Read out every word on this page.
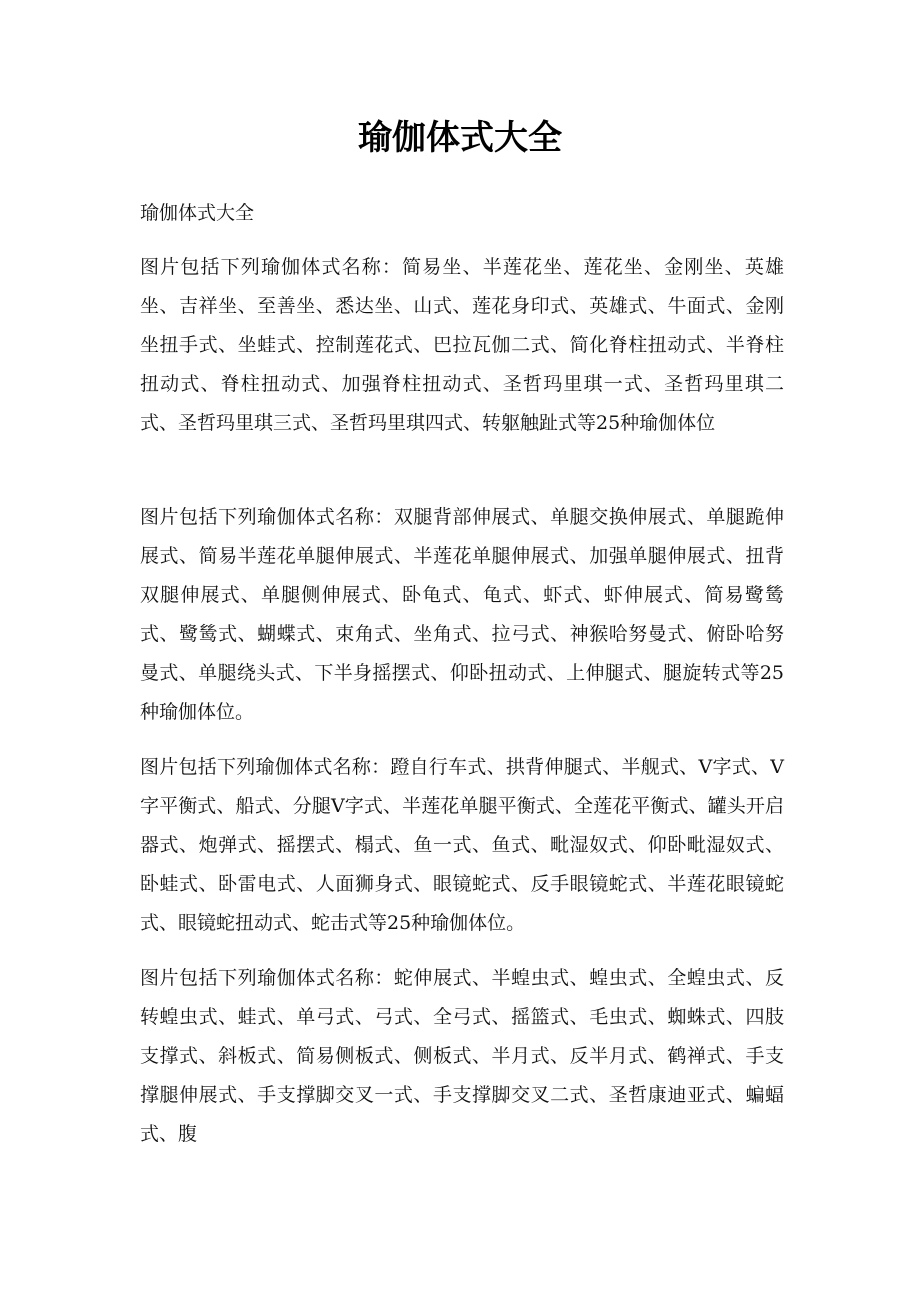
瑜伽体式大全

瑜伽体式大全

图片包括下列瑜伽体式名称：简易坐、半莲花坐、莲花坐、金刚坐、英雄坐、吉祥坐、至善坐、悉达坐、山式、莲花身印式、英雄式、牛面式、金刚坐扭手式、坐蛙式、控制莲花式、巴拉瓦伽二式、简化脊柱扭动式、半脊柱扭动式、脊柱扭动式、加强脊柱扭动式、圣哲玛里琪一式、圣哲玛里琪二式、圣哲玛里琪三式、圣哲玛里琪四式、转躯触趾式等25种瑜伽体位

图片包括下列瑜伽体式名称：双腿背部伸展式、单腿交换伸展式、单腿跪伸展式、简易半莲花单腿伸展式、半莲花单腿伸展式、加强单腿伸展式、扭背双腿伸展式、单腿侧伸展式、卧龟式、龟式、虾式、虾伸展式、简易鹭鸶式、鹭鸶式、蝴蝶式、束角式、坐角式、拉弓式、神猴哈努曼式、俯卧哈努曼式、单腿绕头式、下半身摇摆式、仰卧扭动式、上伸腿式、腿旋转式等25种瑜伽体位。

图片包括下列瑜伽体式名称：蹬自行车式、拱背伸腿式、半舰式、V字式、V字平衡式、船式、分腿V字式、半莲花单腿平衡式、全莲花平衡式、罐头开启器式、炮弹式、摇摆式、榻式、鱼一式、鱼式、毗湿奴式、仰卧毗湿奴式、卧蛙式、卧雷电式、人面狮身式、眼镜蛇式、反手眼镜蛇式、半莲花眼镜蛇式、眼镜蛇扭动式、蛇击式等25种瑜伽体位。

图片包括下列瑜伽体式名称：蛇伸展式、半蝗虫式、蝗虫式、全蝗虫式、反转蝗虫式、蛙式、单弓式、弓式、全弓式、摇篮式、毛虫式、蜘蛛式、四肢支撑式、斜板式、简易侧板式、侧板式、半月式、反半月式、鹤禅式、手支撑腿伸展式、手支撑脚交叉一式、手支撑脚交叉二式、圣哲康迪亚式、蝙蝠式、腹
